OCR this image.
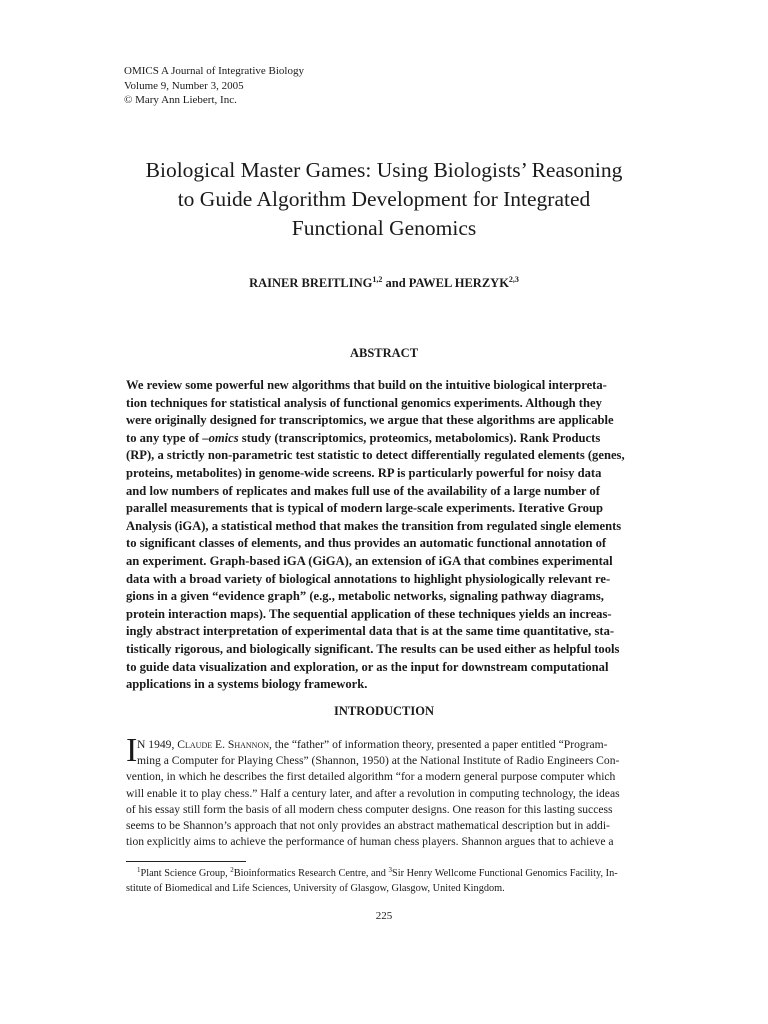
OMICS A Journal of Integrative Biology
Volume 9, Number 3, 2005
© Mary Ann Liebert, Inc.
Biological Master Games: Using Biologists’ Reasoning
to Guide Algorithm Development for Integrated
Functional Genomics
RAINER BREITLING$^{1,2}$ and PAWEL HERZYK$^{2,3}$
ABSTRACT
We review some powerful new algorithms that build on the intuitive biological interpreta-
tion techniques for statistical analysis of functional genomics experiments. Although they
were originally designed for transcriptomics, we argue that these algorithms are applicable
to any type of –omics study (transcriptomics, proteomics, metabolomics). Rank Products
(RP), a strictly non-parametric test statistic to detect differentially regulated elements (genes,
proteins, metabolites) in genome-wide screens. RP is particularly powerful for noisy data
and low numbers of replicates and makes full use of the availability of a large number of
parallel measurements that is typical of modern large-scale experiments. Iterative Group
Analysis (iGA), a statistical method that makes the transition from regulated single elements
to significant classes of elements, and thus provides an automatic functional annotation of
an experiment. Graph-based iGA (GiGA), an extension of iGA that combines experimental
data with a broad variety of biological annotations to highlight physiologically relevant re-
gions in a given “evidence graph” (e.g., metabolic networks, signaling pathway diagrams,
protein interaction maps). The sequential application of these techniques yields an increas-
ingly abstract interpretation of experimental data that is at the same time quantitative, sta-
tistically rigorous, and biologically significant. The results can be used either as helpful tools
to guide data visualization and exploration, or as the input for downstream computational
applications in a systems biology framework.
INTRODUCTION
I N 1949, Claude E. Shannon, the “father” of information theory, presented a paper entitled “Program-
ming a Computer for Playing Chess” (Shannon, 1950) at the National Institute of Radio Engineers Con-
vention, in which he describes the first detailed algorithm “for a modern general purpose computer which
will enable it to play chess.” Half a century later, and after a revolution in computing technology, the ideas
of his essay still form the basis of all modern chess computer designs. One reason for this lasting success
seems to be Shannon’s approach that not only provides an abstract mathematical description but in addi-
tion explicitly aims to achieve the performance of human chess players. Shannon argues that to achieve a
$^1$Plant Science Group, $^2$Bioinformatics Research Centre, and $^3$Sir Henry Wellcome Functional Genomics Facility, In-
stitute of Biomedical and Life Sciences, University of Glasgow, Glasgow, United Kingdom.
225
